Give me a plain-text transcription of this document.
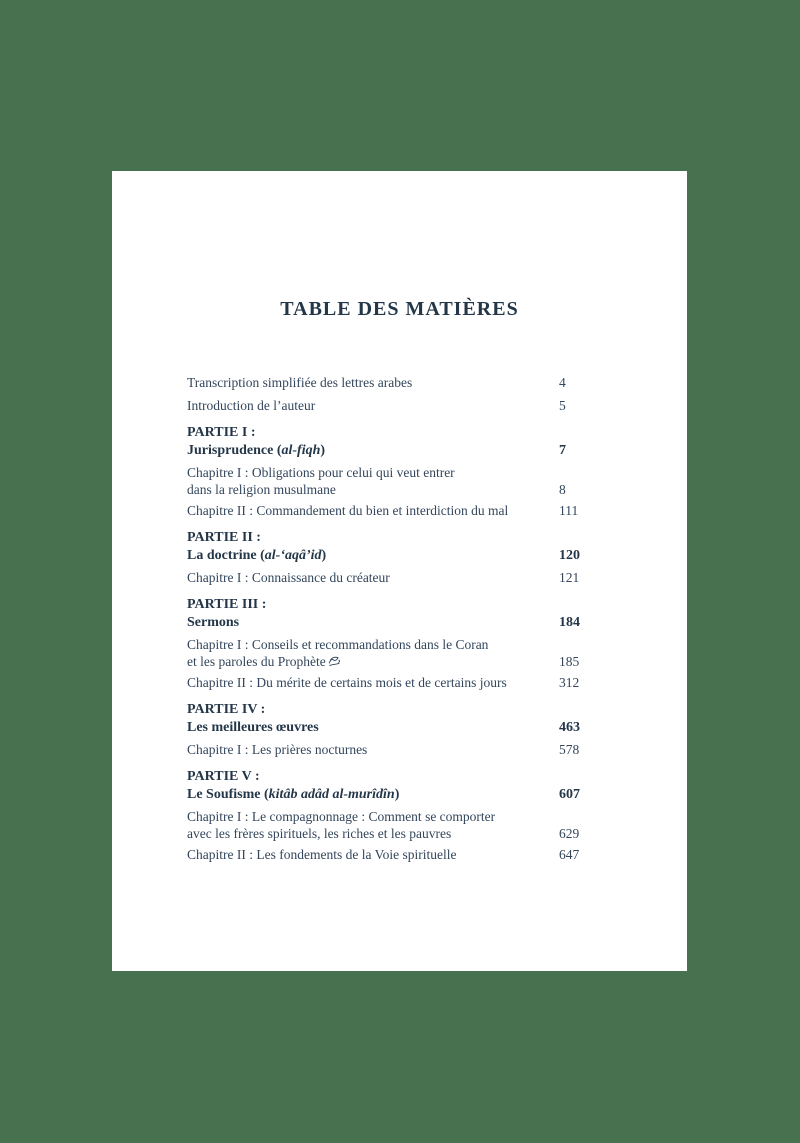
TABLE DES MATIÈRES
Transcription simplifiée des lettres arabes	4
Introduction de l’auteur	5
PARTIE I :
Jurisprudence (al-fiqh)	7
Chapitre I : Obligations pour celui qui veut entrer
dans la religion musulmane	8
Chapitre II : Commandement du bien et interdiction du mal	111
PARTIE II :
La doctrine (al-‘aqâ’id)	120
Chapitre I : Connaissance du créateur	121
PARTIE III :
Sermons	184
Chapitre I : Conseils et recommandations dans le Coran
et les paroles du Prophète	185
Chapitre II : Du mérite de certains mois et de certains jours	312
PARTIE IV :
Les meilleures œuvres	463
Chapitre I : Les prières nocturnes	578
PARTIE V :
Le Soufisme (kitâb adâd al-murîdîn)	607
Chapitre I : Le compagnonnage : Comment se comporter
avec les frères spirituels, les riches et les pauvres	629
Chapitre II : Les fondements de la Voie spirituelle	647
